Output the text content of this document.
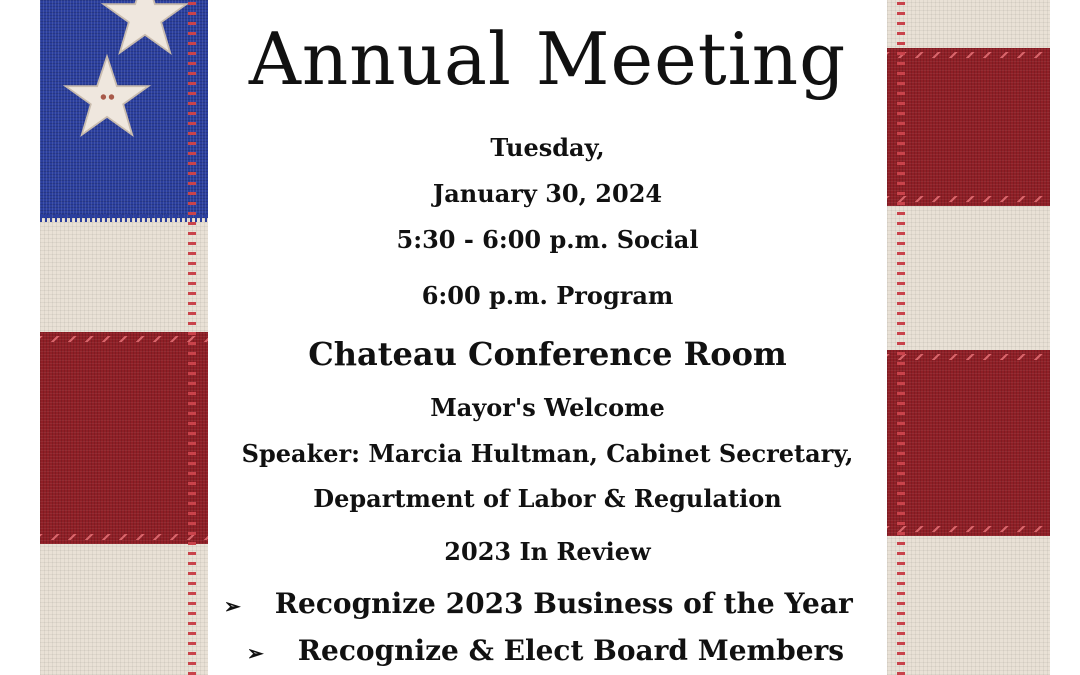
Annual Meeting
Tuesday,
January 30, 2024
5:30 - 6:00 p.m. Social
6:00 p.m. Program
Chateau Conference Room
Mayor's Welcome
Speaker: Marcia Hultman, Cabinet Secretary,
Department of Labor & Regulation
2023 In Review
➢ Recognize 2023 Business of the Year
➢ Recognize & Elect Board Members
